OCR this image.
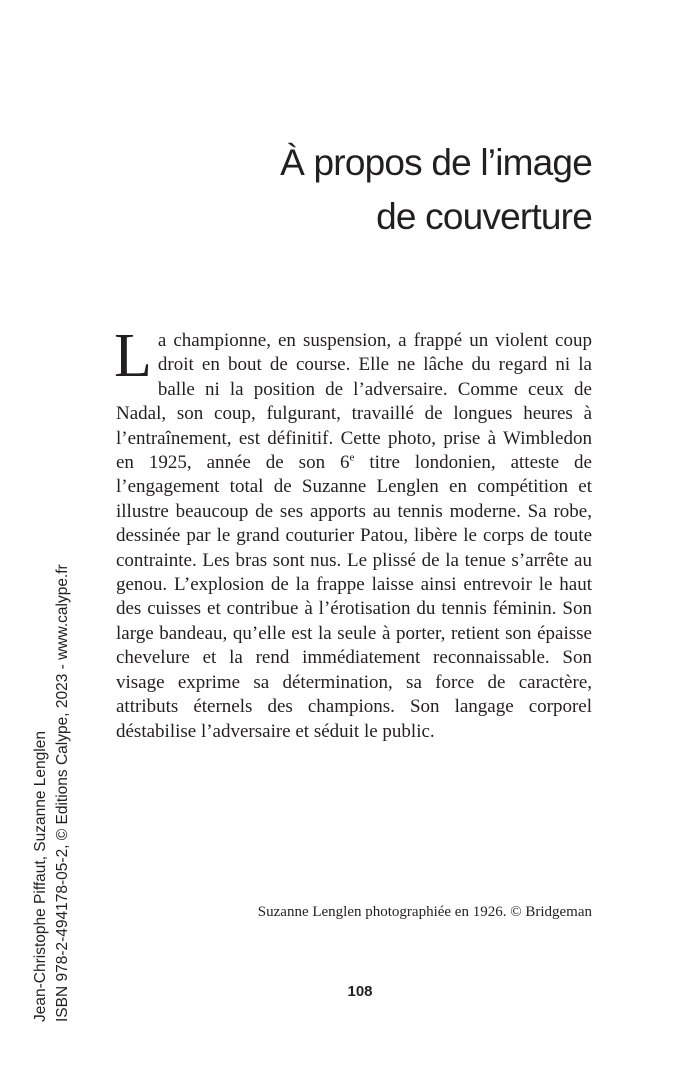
À propos de l’image
de couverture

La championne, en suspension, a frappé un violent coup droit en bout de course. Elle ne lâche du regard ni la balle ni la position de l’adversaire. Comme ceux de Nadal, son coup, fulgurant, travaillé de longues heures à l’entraînement, est définitif. Cette photo, prise à Wimbledon en 1925, année de son 6e titre londonien, atteste de l’engagement total de Suzanne Lenglen en compétition et illustre beaucoup de ses apports au tennis moderne. Sa robe, dessinée par le grand couturier Patou, libère le corps de toute contrainte. Les bras sont nus. Le plissé de la tenue s’arrête au genou. L’explosion de la frappe laisse ainsi entrevoir le haut des cuisses et contribue à l’érotisation du tennis féminin. Son large bandeau, qu’elle est la seule à porter, retient son épaisse chevelure et la rend immédiatement reconnaissable. Son visage exprime sa détermination, sa force de caractère, attributs éternels des champions. Son langage corporel déstabilise l’adversaire et séduit le public.

Suzanne Lenglen photographiée en 1926. © Bridgeman
108
Jean-Christophe Piffaut, Suzanne Lenglen ISBN 978-2-494178-05-2, © Editions Calype, 2023 - www.calype.fr
